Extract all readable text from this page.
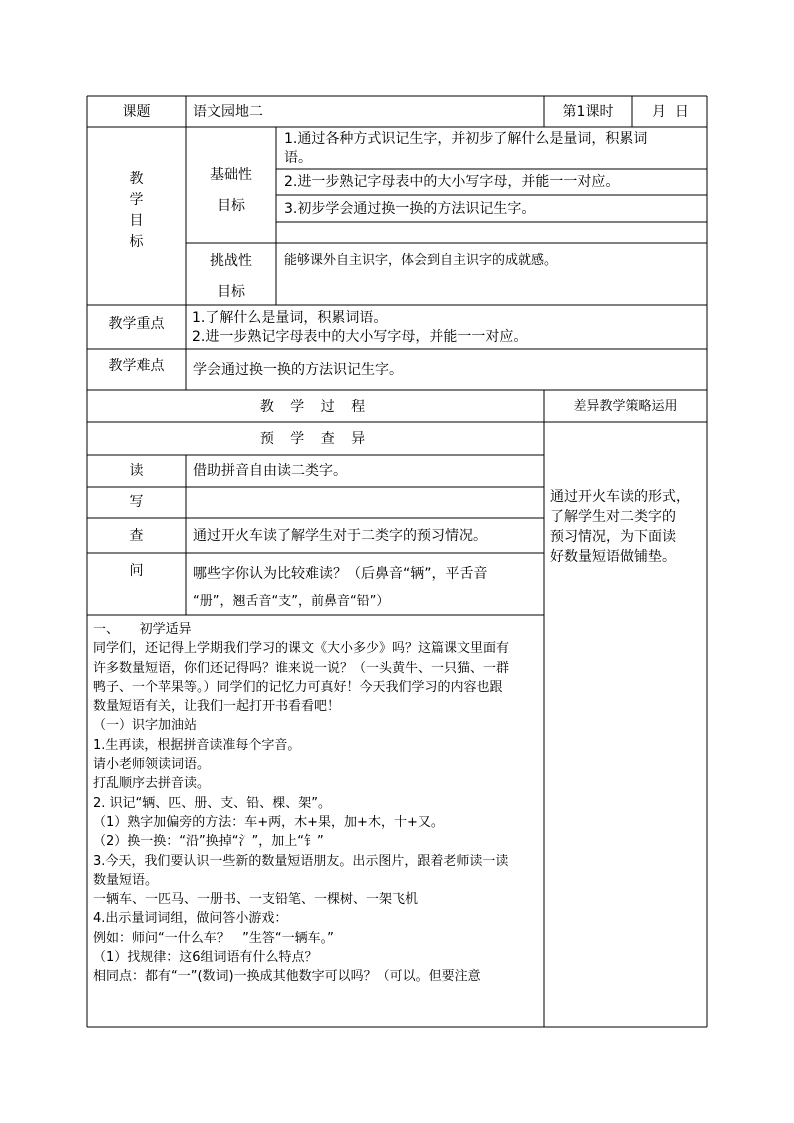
课题	语文园地二	第1课时	月  日
教
学
目
标
基础性
目标
1.通过各种方式识记生字，并初步了解什么是量词，积累词
语。
2.进一步熟记字母表中的大小写字母，并能一一对应。
3.初步学会通过换一换的方法识记生字。
挑战性
目标
能够课外自主识字，体会到自主识字的成就感。
教学重点	1.了解什么是量词，积累词语。
2.进一步熟记字母表中的大小写字母，并能一一对应。
教学难点	学会通过换一换的方法识记生字。
教 学 过 程	差异教学策略运用
预 学 查 异
读	借助拼音自由读二类字。
写
查	通过开火车读了解学生对于二类字的预习情况。
问	哪些字你认为比较难读？（后鼻音“辆”，平舌音
“册”，翘舌音“支”，前鼻音“铅”）
通过开火车读的形式，
了解学生对二类字的
预习情况，为下面读
好数量短语做铺垫。
一、     初学适异
同学们，还记得上学期我们学习的课文《大小多少》吗？这篇课文里面有
许多数量短语，你们还记得吗？谁来说一说？（一头黄牛、一只猫、一群
鸭子、一个苹果等。）同学们的记忆力可真好！今天我们学习的内容也跟
数量短语有关，让我们一起打开书看看吧！
（一）识字加油站
1.生再读，根据拼音读准每个字音。
请小老师领读词语。
打乱顺序去拼音读。
2. 识记“辆、匹、册、支、铅、棵、架”。
（1）熟字加偏旁的方法：车+两，木+果，加+木，十+又。
（2）换一换：“沿”换掉“氵”，加上“钅”
3.今天，我们要认识一些新的数量短语朋友。出示图片，跟着老师读一读
数量短语。
一辆车、一匹马、一册书、一支铅笔、一棵树、一架飞机
4.出示量词词组，做问答小游戏：
例如：师问“一什么车？   ”生答“一辆车。”
（1）找规律：这6组词语有什么特点？
相同点：都有“一”(数词)一换成其他数字可以吗？（可以。但要注意
